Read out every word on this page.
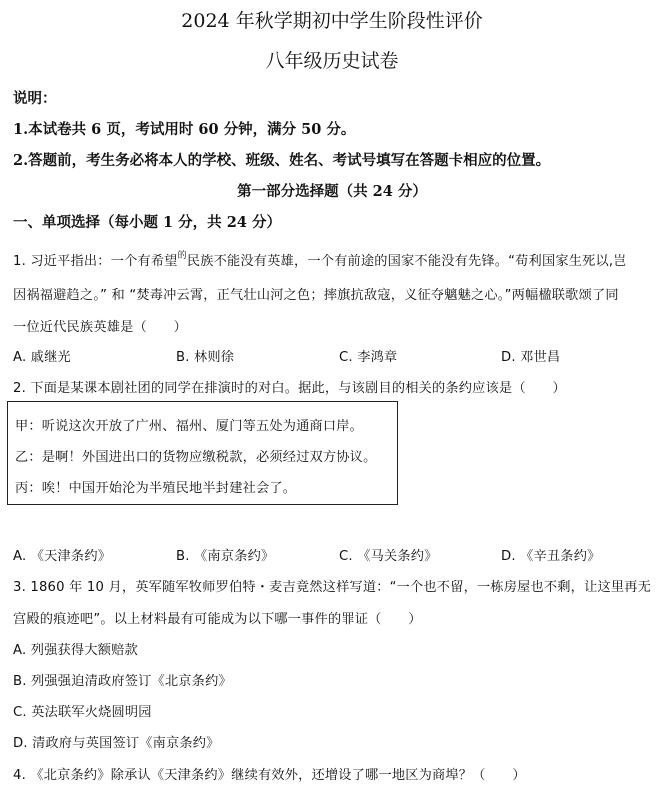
2024 年秋学期初中学生阶段性评价
八年级历史试卷
说明：
1.本试卷共 6 页，考试用时 60 分钟，满分 50 分。
2.答题前，考生务必将本人的学校、班级、姓名、考试号填写在答题卡相应的位置。
第一部分选择题（共 24 分）
一、单项选择（每小题 1 分，共 24 分）
1. 习近平指出：一个有希望$^的$民族不能没有英雄，一个有前途的国家不能没有先锋。“苟利国家生死以,岂
因祸福避趋之。” 和 “焚毒冲云霄，正气壮山河之色；摔旗抗敌寇，义征夺魑魅之心。”两幅楹联歌颂了同
一位近代民族英雄是（　　）
A. 戚继光	B. 林则徐	C. 李鸿章	D. 邓世昌
2. 下面是某课本剧社团的同学在排演时的对白。据此，与该剧目的相关的条约应该是（　　）
甲：听说这次开放了广州、福州、厦门等五处为通商口岸。
乙：是啊！外国进出口的货物应缴税款，必须经过双方协议。
丙：唉！中国开始沦为半殖民地半封建社会了。
A. 《天津条约》	B. 《南京条约》	C. 《马关条约》	D. 《辛丑条约》
3. 1860 年 10 月，英军随军牧师罗伯特・麦吉竟然这样写道：“一个也不留，一栋房屋也不剩，让这里再无
宫殿的痕迹吧”。以上材料最有可能成为以下哪一事件的罪证（　　）
A. 列强获得大额赔款
B. 列强强迫清政府签订《北京条约》
C. 英法联军火烧圆明园
D. 清政府与英国签订《南京条约》
4. 《北京条约》除承认《天津条约》继续有效外，还增设了哪一地区为商埠？（　　）
